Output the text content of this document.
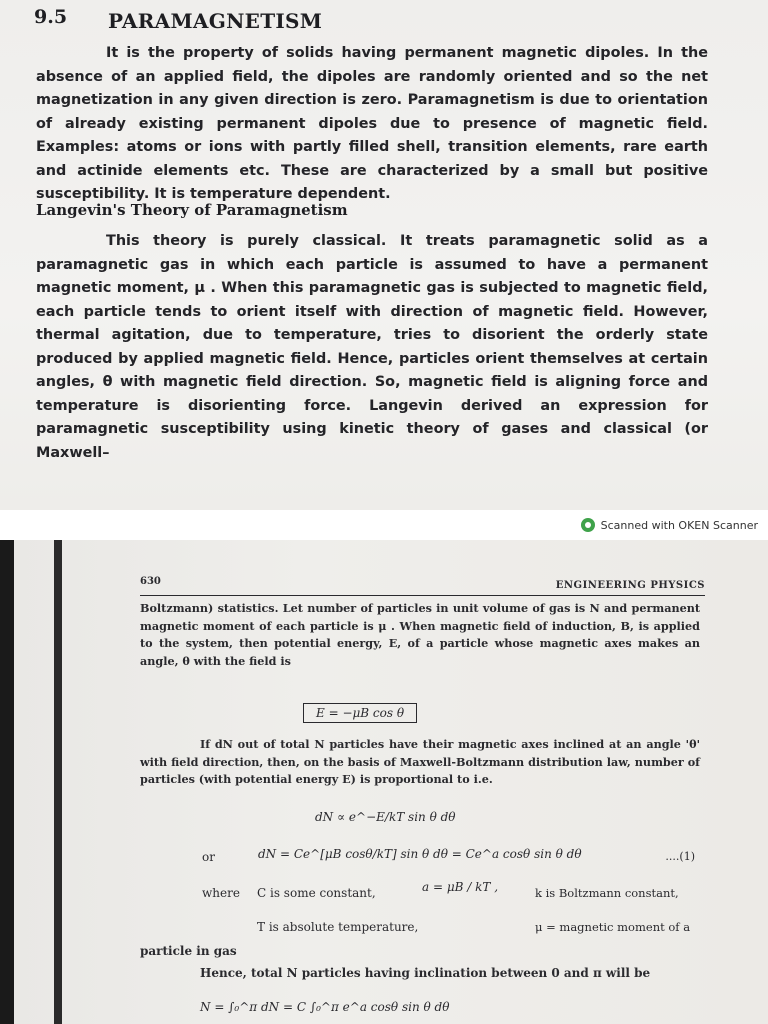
9.5 PARAMAGNETISM
It is the property of solids having permanent magnetic dipoles. In the absence of an applied field, the dipoles are randomly oriented and so the net magnetization in any given direction is zero. Paramagnetism is due to orientation of already existing permanent dipoles due to presence of magnetic field. Examples: atoms or ions with partly filled shell, transition elements, rare earth and actinide elements etc. These are characterized by a small but positive susceptibility. It is temperature dependent.
Langevin's Theory of Paramagnetism
This theory is purely classical. It treats paramagnetic solid as a paramagnetic gas in which each particle is assumed to have a permanent magnetic moment, μ . When this paramagnetic gas is subjected to magnetic field, each particle tends to orient itself with direction of magnetic field. However, thermal agitation, due to temperature, tries to disorient the orderly state produced by applied magnetic field. Hence, particles orient themselves at certain angles, θ with magnetic field direction. So, magnetic field is aligning force and temperature is disorienting force. Langevin derived an expression for paramagnetic susceptibility using kinetic theory of gases and classical (or Maxwell–
Scanned with OKEN Scanner
630	ENGINEERING PHYSICS
Boltzmann) statistics. Let number of particles in unit volume of gas is N and permanent magnetic moment of each particle is μ . When magnetic field of induction, B, is applied to the system, then potential energy, E, of a particle whose magnetic axes makes an angle, θ with the field is
E = −μB cos θ
If dN out of total N particles have their magnetic axes inclined at an angle 'θ' with field direction, then, on the basis of Maxwell-Boltzmann distribution law, number of particles (with potential energy E) is proportional to i.e.
dN ∝ e^−E/kT sin θ dθ
or	dN = Ce^[μB cosθ/kT] sin θ dθ = Ce^a cosθ sin θ dθ	....(1)
where C is some constant,	a = μB / kT ,	k is Boltzmann constant,
T is absolute temperature,	μ = magnetic moment of a
particle in gas
Hence, total N particles having inclination between 0 and π will be
N = ∫₀^π dN = C ∫₀^π e^a cosθ sin θ dθ
